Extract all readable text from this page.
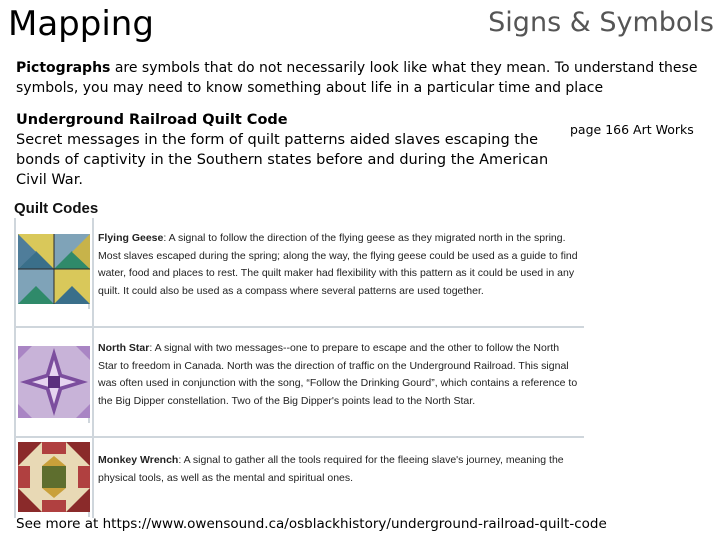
Mapping	Signs & Symbols
Pictographs are symbols that do not necessarily look like what they mean. To understand these symbols, you may need to know something about life in a particular time and place
Underground Railroad Quilt Code
Secret messages in the form of quilt patterns aided slaves escaping the bonds of captivity in the Southern states before and during the American Civil War.
page 166 Art Works
Quilt Codes
Flying Geese: A signal to follow the direction of the flying geese as they migrated north in the spring. Most slaves escaped during the spring; along the way, the flying geese could be used as a guide to find water, food and places to rest. The quilt maker had flexibility with this pattern as it could be used in any quilt. It could also be used as a compass where several patterns are used together.
North Star: A signal with two messages--one to prepare to escape and the other to follow the North Star to freedom in Canada. North was the direction of traffic on the Underground Railroad. This signal was often used in conjunction with the song, “Follow the Drinking Gourd”, which contains a reference to the Big Dipper constellation. Two of the Big Dipper's points lead to the North Star.
Monkey Wrench: A signal to gather all the tools required for the fleeing slave's journey, meaning the physical tools, as well as the mental and spiritual ones.
See more at https://www.owensound.ca/osblackhistory/underground-railroad-quilt-code
